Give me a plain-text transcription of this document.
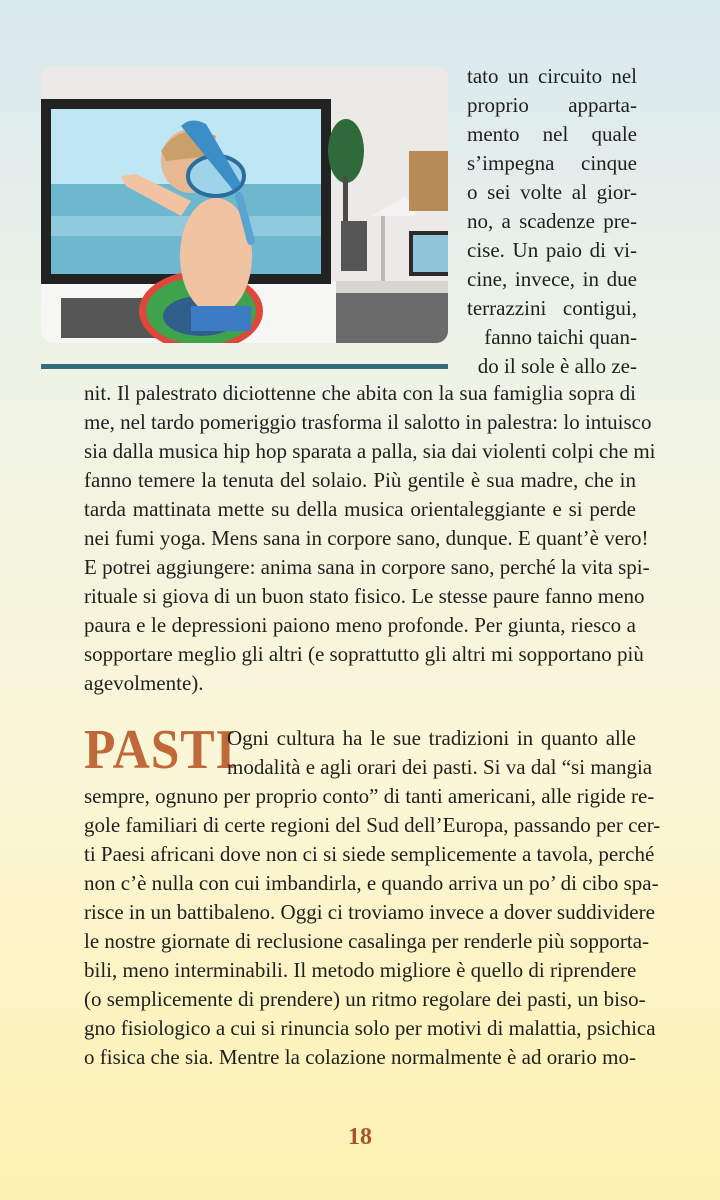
tato un circuito nel
proprio apparta-
mento nel quale
s’impegna cinque
o sei volte al gior-
no, a scadenze pre-
cise. Un paio di vi-
cine, invece, in due
terrazzini contigui,
fanno taichi quan-
do il sole è allo ze-
nit. Il palestrato diciottenne che abita con la sua famiglia sopra di
me, nel tardo pomeriggio trasforma il salotto in palestra: lo intuisco
sia dalla musica hip hop sparata a palla, sia dai violenti colpi che mi
fanno temere la tenuta del solaio. Più gentile è sua madre, che in
tarda mattinata mette su della musica orientaleggiante e si perde
nei fumi yoga. Mens sana in corpore sano, dunque. E quant’è vero!
E potrei aggiungere: anima sana in corpore sano, perché la vita spi-
rituale si giova di un buon stato fisico. Le stesse paure fanno meno
paura e le depressioni paiono meno profonde. Per giunta, riesco a
sopportare meglio gli altri (e soprattutto gli altri mi sopportano più
agevolmente).
PASTI
Ogni cultura ha le sue tradizioni in quanto alle
modalità e agli orari dei pasti. Si va dal “si mangia
sempre, ognuno per proprio conto” di tanti americani, alle rigide re-
gole familiari di certe regioni del Sud dell’Europa, passando per cer-
ti Paesi africani dove non ci si siede semplicemente a tavola, perché
non c’è nulla con cui imbandirla, e quando arriva un po’ di cibo spa-
risce in un battibaleno. Oggi ci troviamo invece a dover suddividere
le nostre giornate di reclusione casalinga per renderle più sopporta-
bili, meno interminabili. Il metodo migliore è quello di riprendere
(o semplicemente di prendere) un ritmo regolare dei pasti, un biso-
gno fisiologico a cui si rinuncia solo per motivi di malattia, psichica
o fisica che sia. Mentre la colazione normalmente è ad orario mo-
18
